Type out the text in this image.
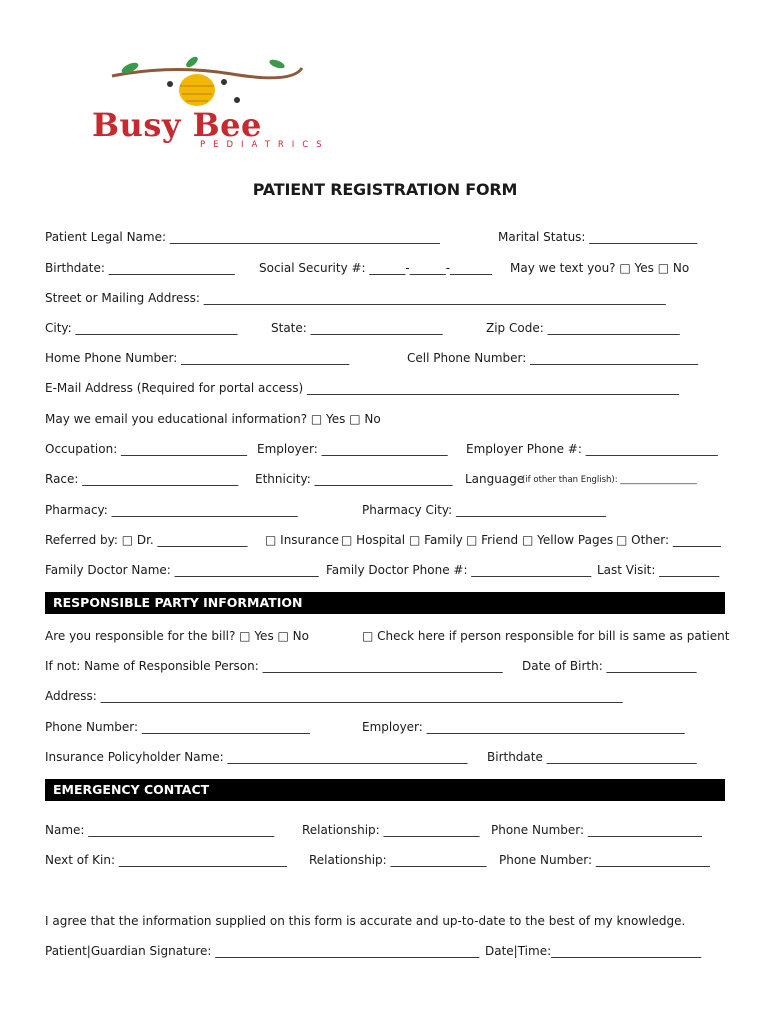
Busy Bee
PEDIATRICS
PATIENT REGISTRATION FORM
Patient Legal Name: _____________________________________________	Marital Status: __________________
Birthdate: _____________________ Social Security #: ______-______-_______ May we text you? □ Yes □ No
Street or Mailing Address: _____________________________________________________________________________
City: ___________________________	State: ______________________	Zip Code: ______________________
Home Phone Number: ____________________________	Cell Phone Number: ____________________________
E-Mail Address (Required for portal access) ______________________________________________________________
May we email you educational information? □ Yes □ No
Occupation: _____________________ Employer: _____________________ Employer Phone #: ______________________
Race: __________________________ Ethnicity: _______________________ Language
(if other than English): __________________
Pharmacy: _______________________________	Pharmacy City: _________________________
Referred by: □ Dr. _______________ □ Insurance □ Hospital □ Family □ Friend □ Yellow Pages □ Other: ________
Family Doctor Name: ________________________ Family Doctor Phone #: ____________________ Last Visit: __________
RESPONSIBLE PARTY INFORMATION
Are you responsible for the bill? □ Yes □ No	□ Check here if person responsible for bill is same as patient
If not: Name of Responsible Person: ________________________________________ Date of Birth: _______________
Address: _______________________________________________________________________________________
Phone Number: ____________________________	Employer: ___________________________________________
Insurance Policyholder Name: ________________________________________ Birthdate _________________________
EMERGENCY CONTACT
Name: _______________________________ Relationship: ________________ Phone Number: ___________________
Next of Kin: ____________________________ Relationship: ________________ Phone Number: ___________________
I agree that the information supplied on this form is accurate and up-to-date to the best of my knowledge.
Patient|Guardian Signature: ____________________________________________ Date|Time:_________________________
